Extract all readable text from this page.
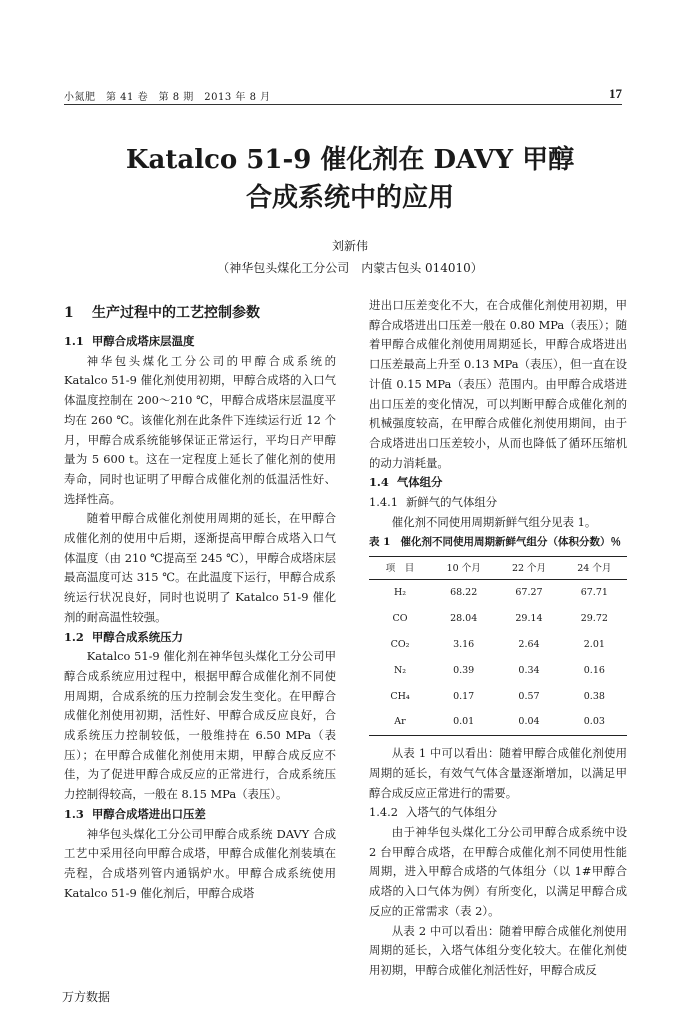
小氮肥　第 41 卷　第 8 期　2013 年 8 月	17
Katalco 51-9 催化剂在 DAVY 甲醇
合成系统中的应用
刘新伟
（神华包头煤化工分公司　内蒙古包头 014010）
1 生产过程中的工艺控制参数
1.1 甲醇合成塔床层温度

神华包头煤化工分公司的甲醇合成系统的 Katalco 51-9 催化剂使用初期，甲醇合成塔的入口气体温度控制在 200～210 ℃，甲醇合成塔床层温度平均在 260 ℃。该催化剂在此条件下连续运行近 12 个月，甲醇合成系统能够保证正常运行，平均日产甲醇量为 5 600 t。这在一定程度上延长了催化剂的使用寿命，同时也证明了甲醇合成催化剂的低温活性好、选择性高。

随着甲醇合成催化剂使用周期的延长，在甲醇合成催化剂的使用中后期，逐渐提高甲醇合成塔入口气体温度（由 210 ℃提高至 245 ℃），甲醇合成塔床层最高温度可达 315 ℃。在此温度下运行，甲醇合成系统运行状况良好，同时也说明了 Katalco 51-9 催化剂的耐高温性较强。

1.2 甲醇合成系统压力

Katalco 51-9 催化剂在神华包头煤化工分公司甲醇合成系统应用过程中，根据甲醇合成催化剂不同使用周期，合成系统的压力控制会发生变化。在甲醇合成催化剂使用初期，活性好、甲醇合成反应良好，合成系统压力控制较低，一般维持在 6.50 MPa（表压）；在甲醇合成催化剂使用末期，甲醇合成反应不佳，为了促进甲醇合成反应的正常进行，合成系统压力控制得较高，一般在 8.15 MPa（表压）。

1.3 甲醇合成塔进出口压差

神华包头煤化工分公司甲醇合成系统 DAVY 合成工艺中采用径向甲醇合成塔，甲醇合成催化剂装填在壳程，合成塔列管内通锅炉水。甲醇合成系统使用 Katalco 51-9 催化剂后，甲醇合成塔

进出口压差变化不大，在合成催化剂使用初期，甲醇合成塔进出口压差一般在 0.80 MPa（表压）；随着甲醇合成催化剂使用周期延长，甲醇合成塔进出口压差最高上升至 0.13 MPa（表压），但一直在设计值 0.15 MPa（表压）范围内。由甲醇合成塔进出口压差的变化情况，可以判断甲醇合成催化剂的机械强度较高，在甲醇合成催化剂使用期间，由于合成塔进出口压差较小，从而也降低了循环压缩机的动力消耗量。

1.4 气体组分
1.4.1 新鲜气的气体组分

催化剂不同使用周期新鲜气组分见表 1。

表 1 催化剂不同使用周期新鲜气组分（体积分数）％
项　目	10 个月	22 个月	24 个月
H₂	68.22	67.27	67.71
CO	28.04	29.14	29.72
CO₂	3.16	2.64	2.01
N₂	0.39	0.34	0.16
CH₄	0.17	0.57	0.38
Ar	0.01	0.04	0.03

从表 1 中可以看出：随着甲醇合成催化剂使用周期的延长，有效气气体含量逐渐增加，以满足甲醇合成反应正常进行的需要。

1.4.2 入塔气的气体组分

由于神华包头煤化工分公司甲醇合成系统中设 2 台甲醇合成塔，在甲醇合成催化剂不同使用性能周期，进入甲醇合成塔的气体组分（以 1#甲醇合成塔的入口气体为例）有所变化，以满足甲醇合成反应的正常需求（表 2）。

从表 2 中可以看出：随着甲醇合成催化剂使用周期的延长，入塔气体组分变化较大。在催化剂使用初期，甲醇合成催化剂活性好，甲醇合成反

万方数据
